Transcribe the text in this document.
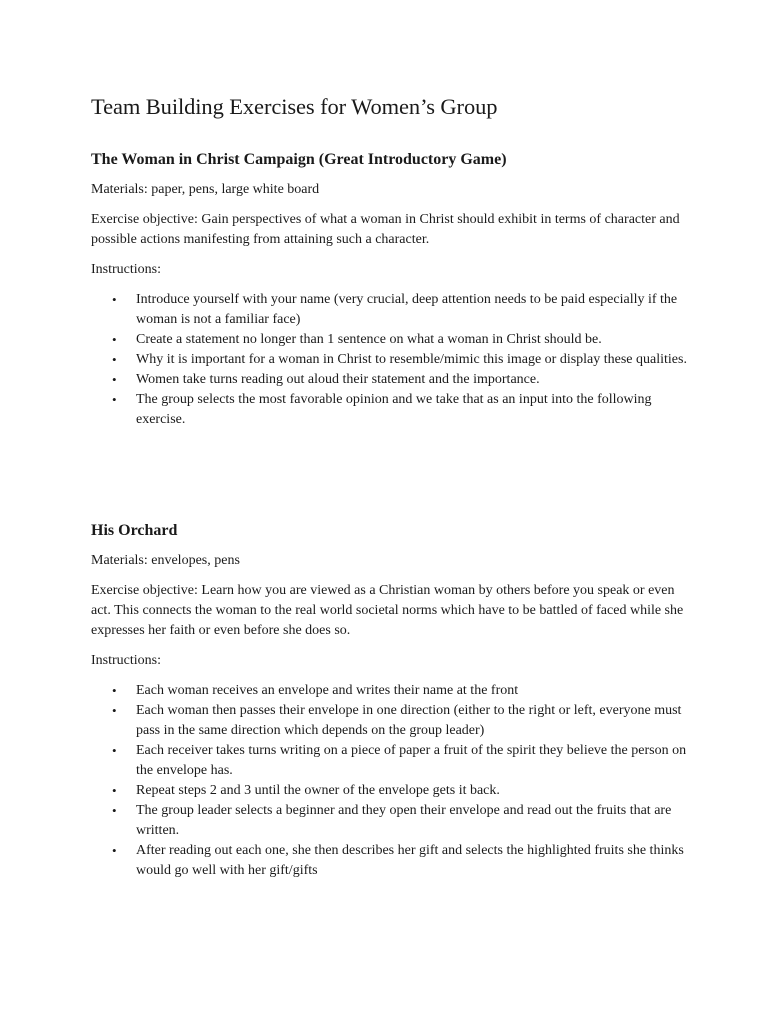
Team Building Exercises for Women’s Group
The Woman in Christ Campaign (Great Introductory Game)

Materials: paper, pens, large white board

Exercise objective: Gain perspectives of what a woman in Christ should exhibit in terms of character and possible actions manifesting from attaining such a character.

Instructions:

• Introduce yourself with your name (very crucial, deep attention needs to be paid especially if the woman is not a familiar face)
• Create a statement no longer than 1 sentence on what a woman in Christ should be.
• Why it is important for a woman in Christ to resemble/mimic this image or display these qualities.
• Women take turns reading out aloud their statement and the importance.
• The group selects the most favorable opinion and we take that as an input into the following exercise.
His Orchard

Materials: envelopes, pens

Exercise objective: Learn how you are viewed as a Christian woman by others before you speak or even act. This connects the woman to the real world societal norms which have to be battled of faced while she expresses her faith or even before she does so.

Instructions:

• Each woman receives an envelope and writes their name at the front
• Each woman then passes their envelope in one direction (either to the right or left, everyone must pass in the same direction which depends on the group leader)
• Each receiver takes turns writing on a piece of paper a fruit of the spirit they believe the person on the envelope has.
• Repeat steps 2 and 3 until the owner of the envelope gets it back.
• The group leader selects a beginner and they open their envelope and read out the fruits that are written.
• After reading out each one, she then describes her gift and selects the highlighted fruits she thinks would go well with her gift/gifts
